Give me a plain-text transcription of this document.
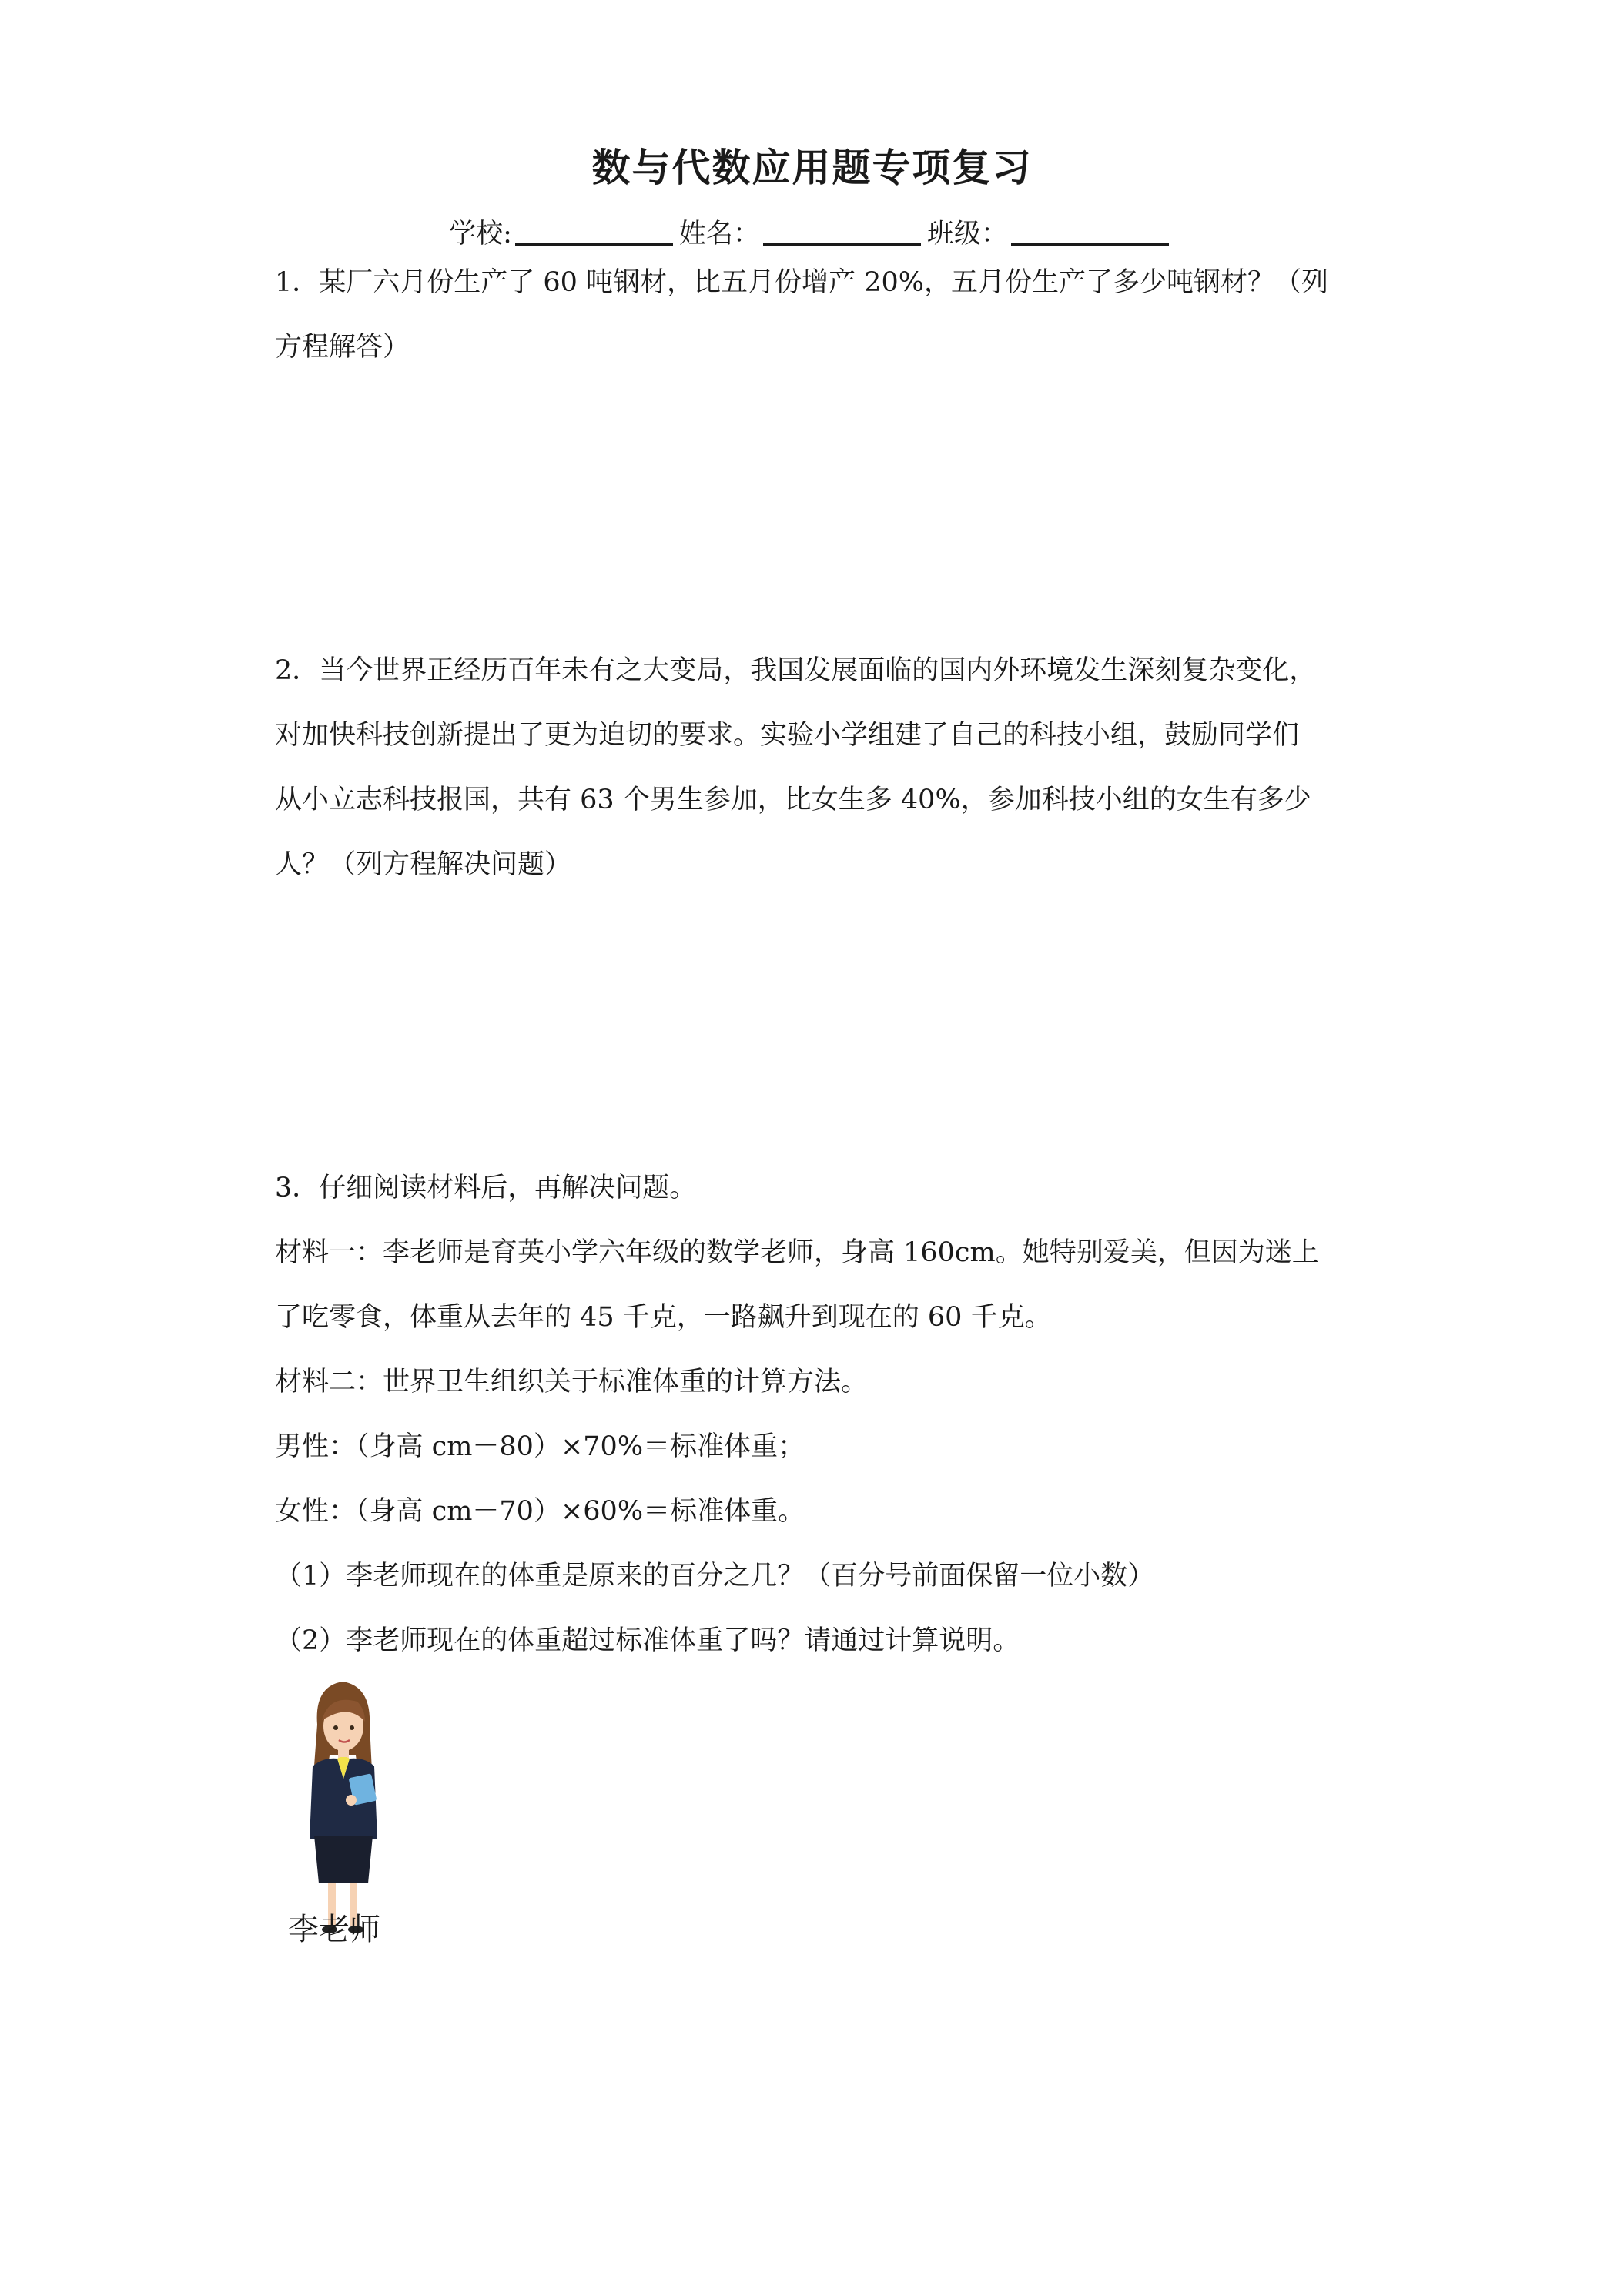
数与代数应用题专项复习
学校:	姓名：	班级：
1．某厂六月份生产了 60 吨钢材，比五月份增产 20%，五月份生产了多少吨钢材？（列
方程解答）
2．当今世界正经历百年未有之大变局，我国发展面临的国内外环境发生深刻复杂变化，
对加快科技创新提出了更为迫切的要求。实验小学组建了自己的科技小组，鼓励同学们
从小立志科技报国，共有 63 个男生参加，比女生多 40%，参加科技小组的女生有多少
人？（列方程解决问题）
3．仔细阅读材料后，再解决问题。
材料一：李老师是育英小学六年级的数学老师，身高 160cm。她特别爱美，但因为迷上
了吃零食，体重从去年的 45 千克，一路飙升到现在的 60 千克。
材料二：世界卫生组织关于标准体重的计算方法。
男性：（身高 cm－80）×70%＝标准体重；
女性：（身高 cm－70）×60%＝标准体重。
（1）李老师现在的体重是原来的百分之几？（百分号前面保留一位小数）
（2）李老师现在的体重超过标准体重了吗？请通过计算说明。
李老师
